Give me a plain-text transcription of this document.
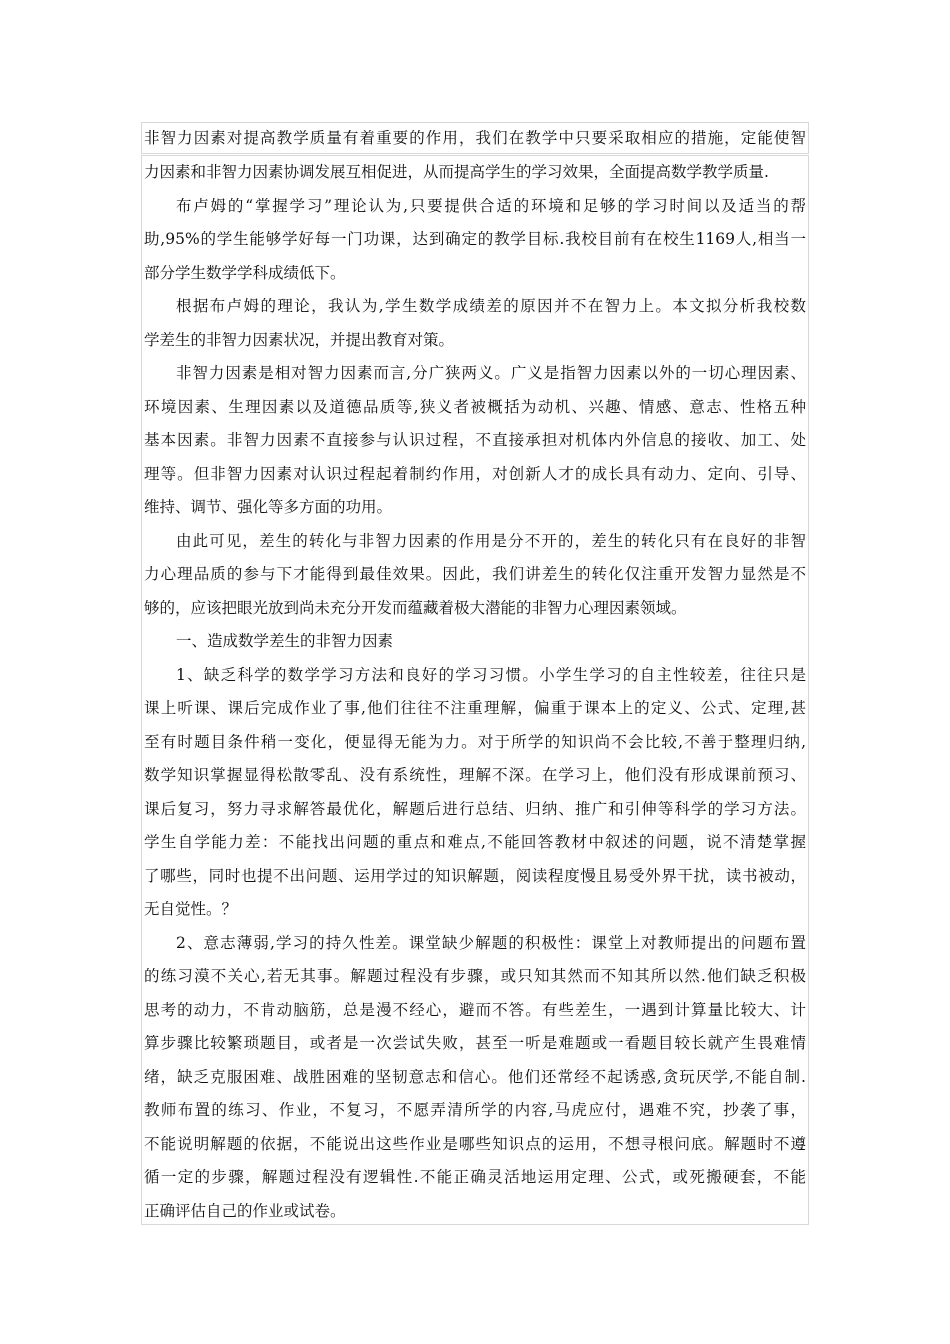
非智力因素对提高教学质量有着重要的作用，我们在教学中只要采取相应的措施，定能使智
力因素和非智力因素协调发展互相促进，从而提高学生的学习效果，全面提高数学教学质量.
布卢姆的“掌握学习”理论认为,只要提供合适的环境和足够的学习时间以及适当的帮
助,95%的学生能够学好每一门功课，达到确定的教学目标.我校目前有在校生1169人,相当一
部分学生数学学科成绩低下。
根据布卢姆的理论，我认为,学生数学成绩差的原因并不在智力上。本文拟分析我校数
学差生的非智力因素状况，并提出教育对策。
非智力因素是相对智力因素而言,分广狭两义。广义是指智力因素以外的一切心理因素、
环境因素、生理因素以及道德品质等,狭义者被概括为动机、兴趣、情感、意志、性格五种
基本因素。非智力因素不直接参与认识过程，不直接承担对机体内外信息的接收、加工、处
理等。但非智力因素对认识过程起着制约作用，对创新人才的成长具有动力、定向、引导、
维持、调节、强化等多方面的功用。
由此可见，差生的转化与非智力因素的作用是分不开的，差生的转化只有在良好的非智
力心理品质的参与下才能得到最佳效果。因此，我们讲差生的转化仅注重开发智力显然是不
够的，应该把眼光放到尚未充分开发而蕴藏着极大潜能的非智力心理因素领域。
一、造成数学差生的非智力因素
1、缺乏科学的数学学习方法和良好的学习习惯。小学生学习的自主性较差，往往只是
课上听课、课后完成作业了事,他们往往不注重理解，偏重于课本上的定义、公式、定理,甚
至有时题目条件稍一变化，便显得无能为力。对于所学的知识尚不会比较,不善于整理归纳,
数学知识掌握显得松散零乱、没有系统性，理解不深。在学习上，他们没有形成课前预习、
课后复习，努力寻求解答最优化，解题后进行总结、归纳、推广和引伸等科学的学习方法。
学生自学能力差：不能找出问题的重点和难点,不能回答教材中叙述的问题，说不清楚掌握
了哪些，同时也提不出问题、运用学过的知识解题，阅读程度慢且易受外界干扰，读书被动，
无自觉性。？
2、意志薄弱,学习的持久性差。课堂缺少解题的积极性：课堂上对教师提出的问题布置
的练习漠不关心,若无其事。解题过程没有步骤，或只知其然而不知其所以然.他们缺乏积极
思考的动力，不肯动脑筋，总是漫不经心，避而不答。有些差生，一遇到计算量比较大、计
算步骤比较繁琐题目，或者是一次尝试失败，甚至一听是难题或一看题目较长就产生畏难情
绪，缺乏克服困难、战胜困难的坚韧意志和信心。他们还常经不起诱惑,贪玩厌学,不能自制.
教师布置的练习、作业，不复习，不愿弄清所学的内容,马虎应付，遇难不究，抄袭了事，
不能说明解题的依据，不能说出这些作业是哪些知识点的运用，不想寻根问底。解题时不遵
循一定的步骤，解题过程没有逻辑性.不能正确灵活地运用定理、公式，或死搬硬套，不能
正确评估自己的作业或试卷。
